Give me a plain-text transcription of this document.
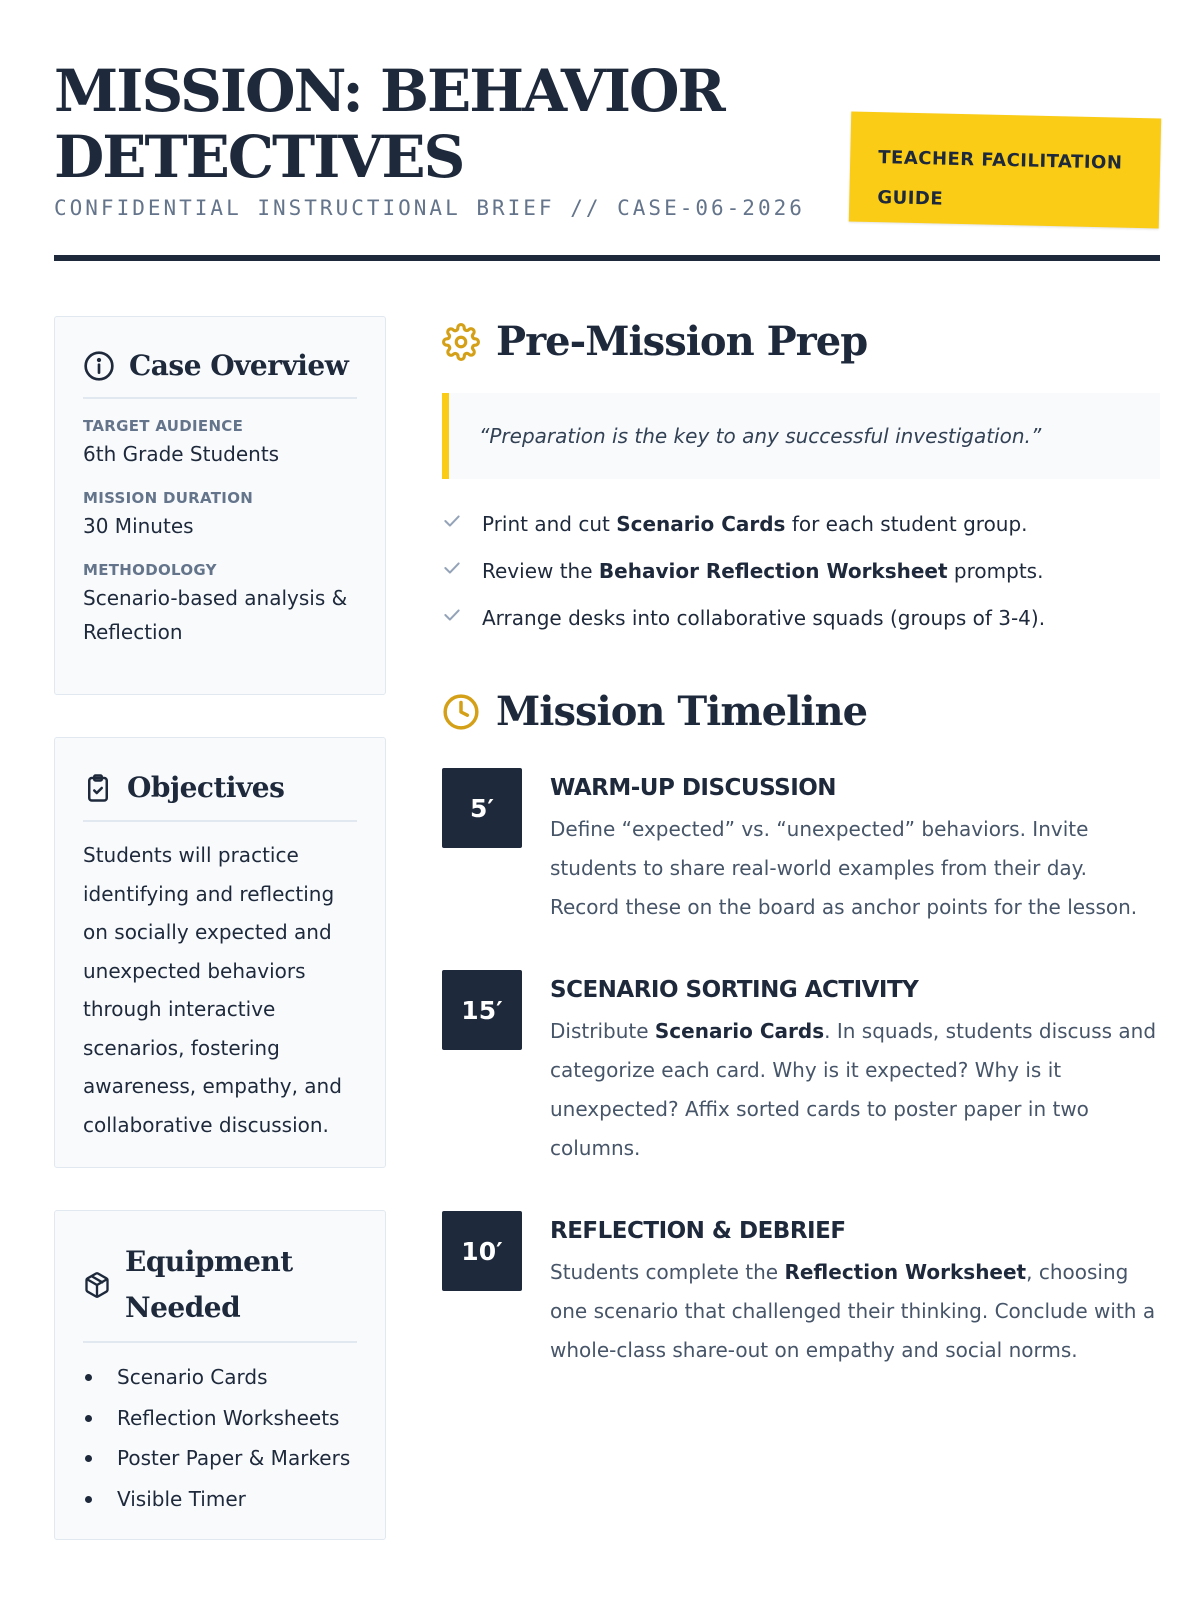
MISSION: BEHAVIOR
DETECTIVES
CONFIDENTIAL INSTRUCTIONAL BRIEF // CASE-06-2026
TEACHER FACILITATION
GUIDE
Case Overview
TARGET AUDIENCE
6th Grade Students
MISSION DURATION
30 Minutes
METHODOLOGY
Scenario-based analysis & Reflection
Objectives
Students will practice identifying and reflecting on socially expected and unexpected behaviors through interactive scenarios, fostering awareness, empathy, and collaborative discussion.
Equipment
Needed
Scenario Cards
Reflection Worksheets
Poster Paper & Markers
Visible Timer
Pre-Mission Prep
“Preparation is the key to any successful investigation.”
Print and cut Scenario Cards for each student group.
Review the Behavior Reflection Worksheet prompts.
Arrange desks into collaborative squads (groups of 3-4).
Mission Timeline
5′
WARM-UP DISCUSSION
Define “expected” vs. “unexpected” behaviors. Invite students to share real-world examples from their day. Record these on the board as anchor points for the lesson.
15′
SCENARIO SORTING ACTIVITY
Distribute Scenario Cards. In squads, students discuss and categorize each card. Why is it expected? Why is it unexpected? Affix sorted cards to poster paper in two columns.
10′
REFLECTION & DEBRIEF
Students complete the Reflection Worksheet, choosing one scenario that challenged their thinking. Conclude with a whole-class share-out on empathy and social norms.
